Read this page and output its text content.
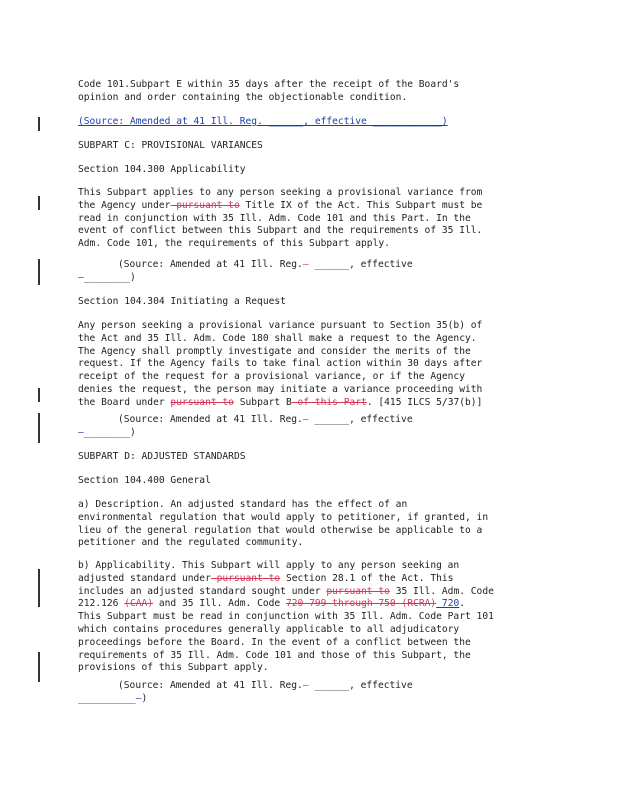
Code 101.Subpart E within 35 days after the receipt of the Board's
opinion and order containing the objectionable condition.
(Source: Amended at 41 Ill. Reg. ______, effective ____________)
SUBPART C: PROVISIONAL VARIANCES
Section 104.300 Applicability
This Subpart applies to any person seeking a provisional variance from
the Agency under pursuant to Title IX of the Act. This Subpart must be
read in conjunction with 35 Ill. Adm. Code 101 and this Part. In the
event of conflict between this Subpart and the requirements of 35 Ill.
Adm. Code 101, the requirements of this Subpart apply.
(Source: Amended at 41 Ill. Reg.— ______, effective
—________)
Section 104.304 Initiating a Request
Any person seeking a provisional variance pursuant to Section 35(b) of
the Act and 35 Ill. Adm. Code 180 shall make a request to the Agency.
The Agency shall promptly investigate and consider the merits of the
request. If the Agency fails to take final action within 30 days after
receipt of the request for a provisional variance, or if the Agency
denies the request, the person may initiate a variance proceeding with
the Board under pursuant to Subpart B of this Part. [415 ILCS 5/37(b)]
(Source: Amended at 41 Ill. Reg.— ______, effective
—________)
SUBPART D: ADJUSTED STANDARDS
Section 104.400 General
a) Description. An adjusted standard has the effect of an
environmental regulation that would apply to petitioner, if granted, in
lieu of the general regulation that would otherwise be applicable to a
petitioner and the regulated community.
b) Applicability. This Subpart will apply to any person seeking an
adjusted standard under pursuant to Section 28.1 of the Act. This
includes an adjusted standard sought under pursuant to 35 Ill. Adm. Code
212.126 (CAA) and 35 Ill. Adm. Code 720 799 through 750 (RCRA) 720.
This Subpart must be read in conjunction with 35 Ill. Adm. Code Part 101
which contains procedures generally applicable to all adjudicatory
proceedings before the Board. In the event of a conflict between the
requirements of 35 Ill. Adm. Code 101 and those of this Subpart, the
provisions of this Subpart apply.
(Source: Amended at 41 Ill. Reg.— ______, effective
__________—)
